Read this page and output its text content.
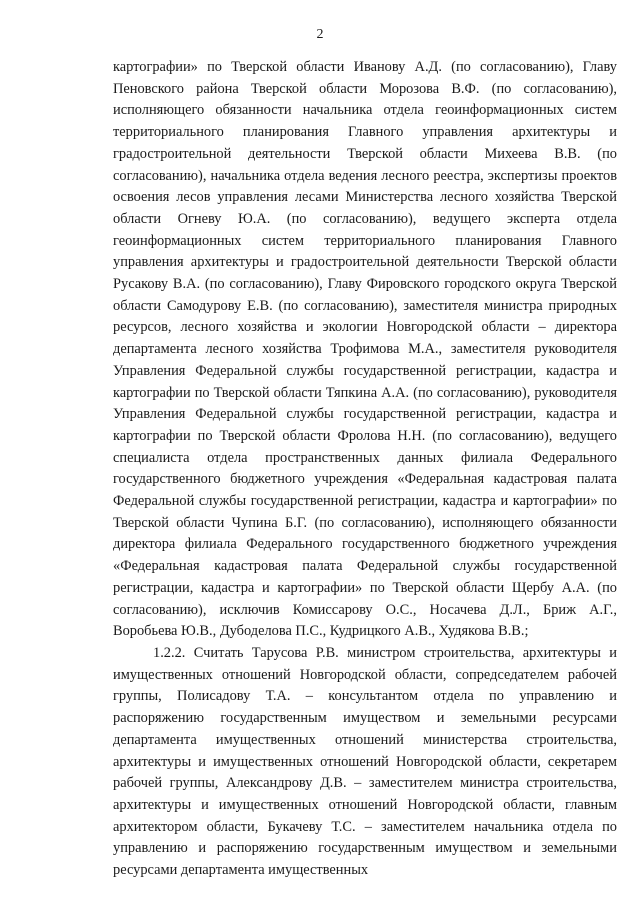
2

картографии» по Тверской области Иванову А.Д. (по согласованию), Главу Пеновского района Тверской области Морозова В.Ф. (по согласованию), исполняющего обязанности начальника отдела геоинформационных систем территориального планирования Главного управления архитектуры и градостроительной деятельности Тверской области Михеева В.В. (по согласованию), начальника отдела ведения лесного реестра, экспертизы проектов освоения лесов управления лесами Министерства лесного хозяйства Тверской области Огневу Ю.А. (по согласованию), ведущего эксперта отдела геоинформационных систем территориального планирования Главного управления архитектуры и градостроительной деятельности Тверской области Русакову В.А. (по согласованию), Главу Фировского городского округа Тверской области Самодурову Е.В. (по согласованию), заместителя министра природных ресурсов, лесного хозяйства и экологии Новгородской области – директора департамента лесного хозяйства Трофимова М.А., заместителя руководителя Управления Федеральной службы государственной регистрации, кадастра и картографии по Тверской области Тяпкина А.А. (по согласованию), руководителя Управления Федеральной службы государственной регистрации, кадастра и картографии по Тверской области Фролова Н.Н. (по согласованию), ведущего специалиста отдела пространственных данных филиала Федерального государственного бюджетного учреждения «Федеральная кадастровая палата Федеральной службы государственной регистрации, кадастра и картографии» по Тверской области Чупина Б.Г. (по согласованию), исполняющего обязанности директора филиала Федерального государственного бюджетного учреждения «Федеральная кадастровая палата Федеральной службы государственной регистрации, кадастра и картографии» по Тверской области Щербу А.А. (по согласованию), исключив Комиссарову О.С., Носачева Д.Л., Бриж А.Г., Воробьева Ю.В., Дубоделова П.С., Кудрицкого А.В., Худякова В.В.;

1.2.2. Считать Тарусова Р.В. министром строительства, архитектуры и имущественных отношений Новгородской области, сопредседателем рабочей группы, Полисадову Т.А. – консультантом отдела по управлению и распоряжению государственным имуществом и земельными ресурсами департамента имущественных отношений министерства строительства, архитектуры и имущественных отношений Новгородской области, секретарем рабочей группы, Александрову Д.В. – заместителем министра строительства, архитектуры и имущественных отношений Новгородской области, главным архитектором области, Букачеву Т.С. – заместителем начальника отдела по управлению и распоряжению государственным имуществом и земельными ресурсами департамента имущественных
